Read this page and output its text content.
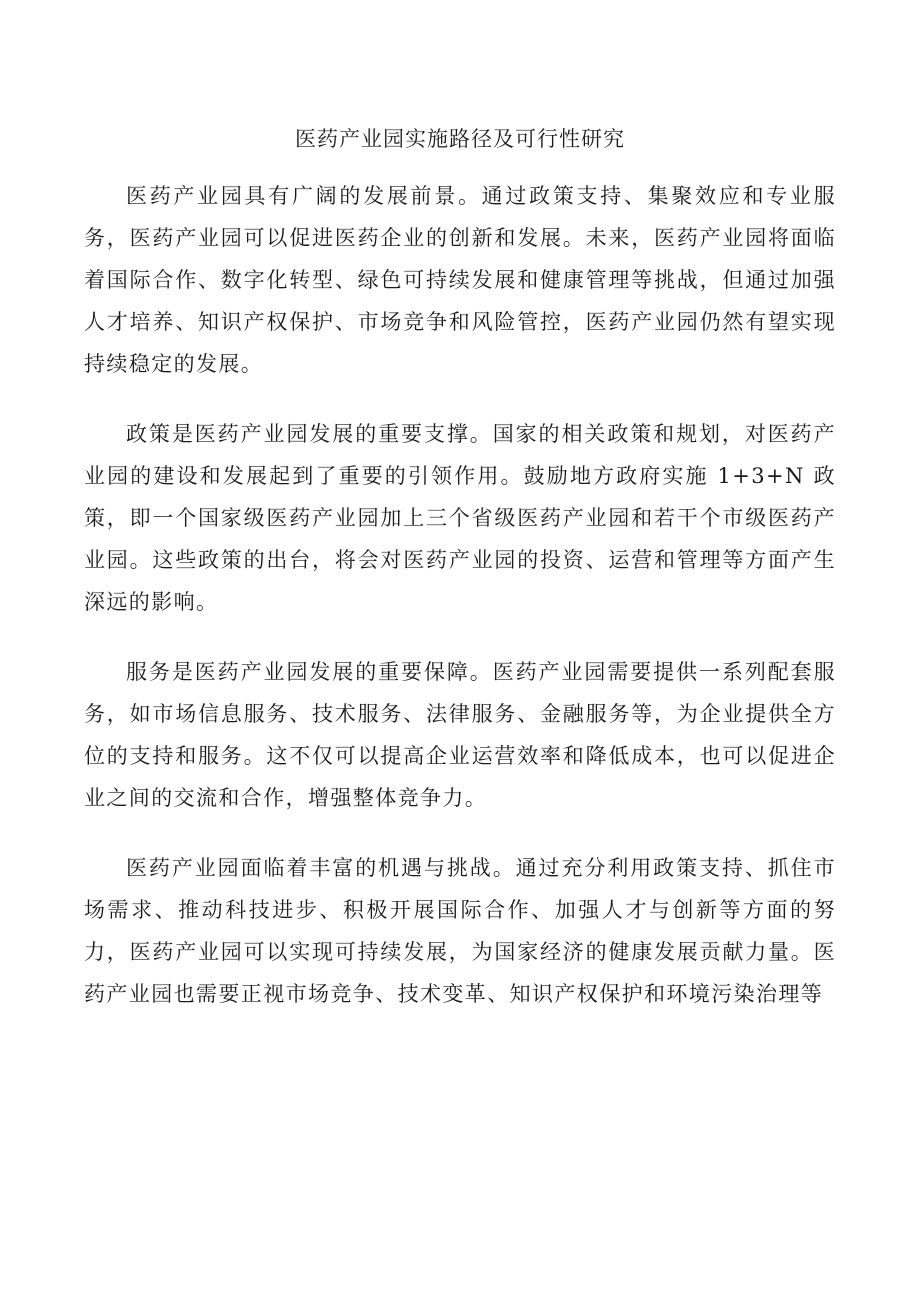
医药产业园实施路径及可行性研究

医药产业园具有广阔的发展前景。通过政策支持、集聚效应和专业服务，医药产业园可以促进医药企业的创新和发展。未来，医药产业园将面临着国际合作、数字化转型、绿色可持续发展和健康管理等挑战，但通过加强人才培养、知识产权保护、市场竞争和风险管控，医药产业园仍然有望实现持续稳定的发展。

政策是医药产业园发展的重要支撑。国家的相关政策和规划，对医药产业园的建设和发展起到了重要的引领作用。鼓励地方政府实施 1+3+N 政策，即一个国家级医药产业园加上三个省级医药产业园和若干个市级医药产业园。这些政策的出台，将会对医药产业园的投资、运营和管理等方面产生深远的影响。

服务是医药产业园发展的重要保障。医药产业园需要提供一系列配套服务，如市场信息服务、技术服务、法律服务、金融服务等，为企业提供全方位的支持和服务。这不仅可以提高企业运营效率和降低成本，也可以促进企业之间的交流和合作，增强整体竞争力。

医药产业园面临着丰富的机遇与挑战。通过充分利用政策支持、抓住市场需求、推动科技进步、积极开展国际合作、加强人才与创新等方面的努力，医药产业园可以实现可持续发展，为国家经济的健康发展贡献力量。医药产业园也需要正视市场竞争、技术变革、知识产权保护和环境污染治理等
